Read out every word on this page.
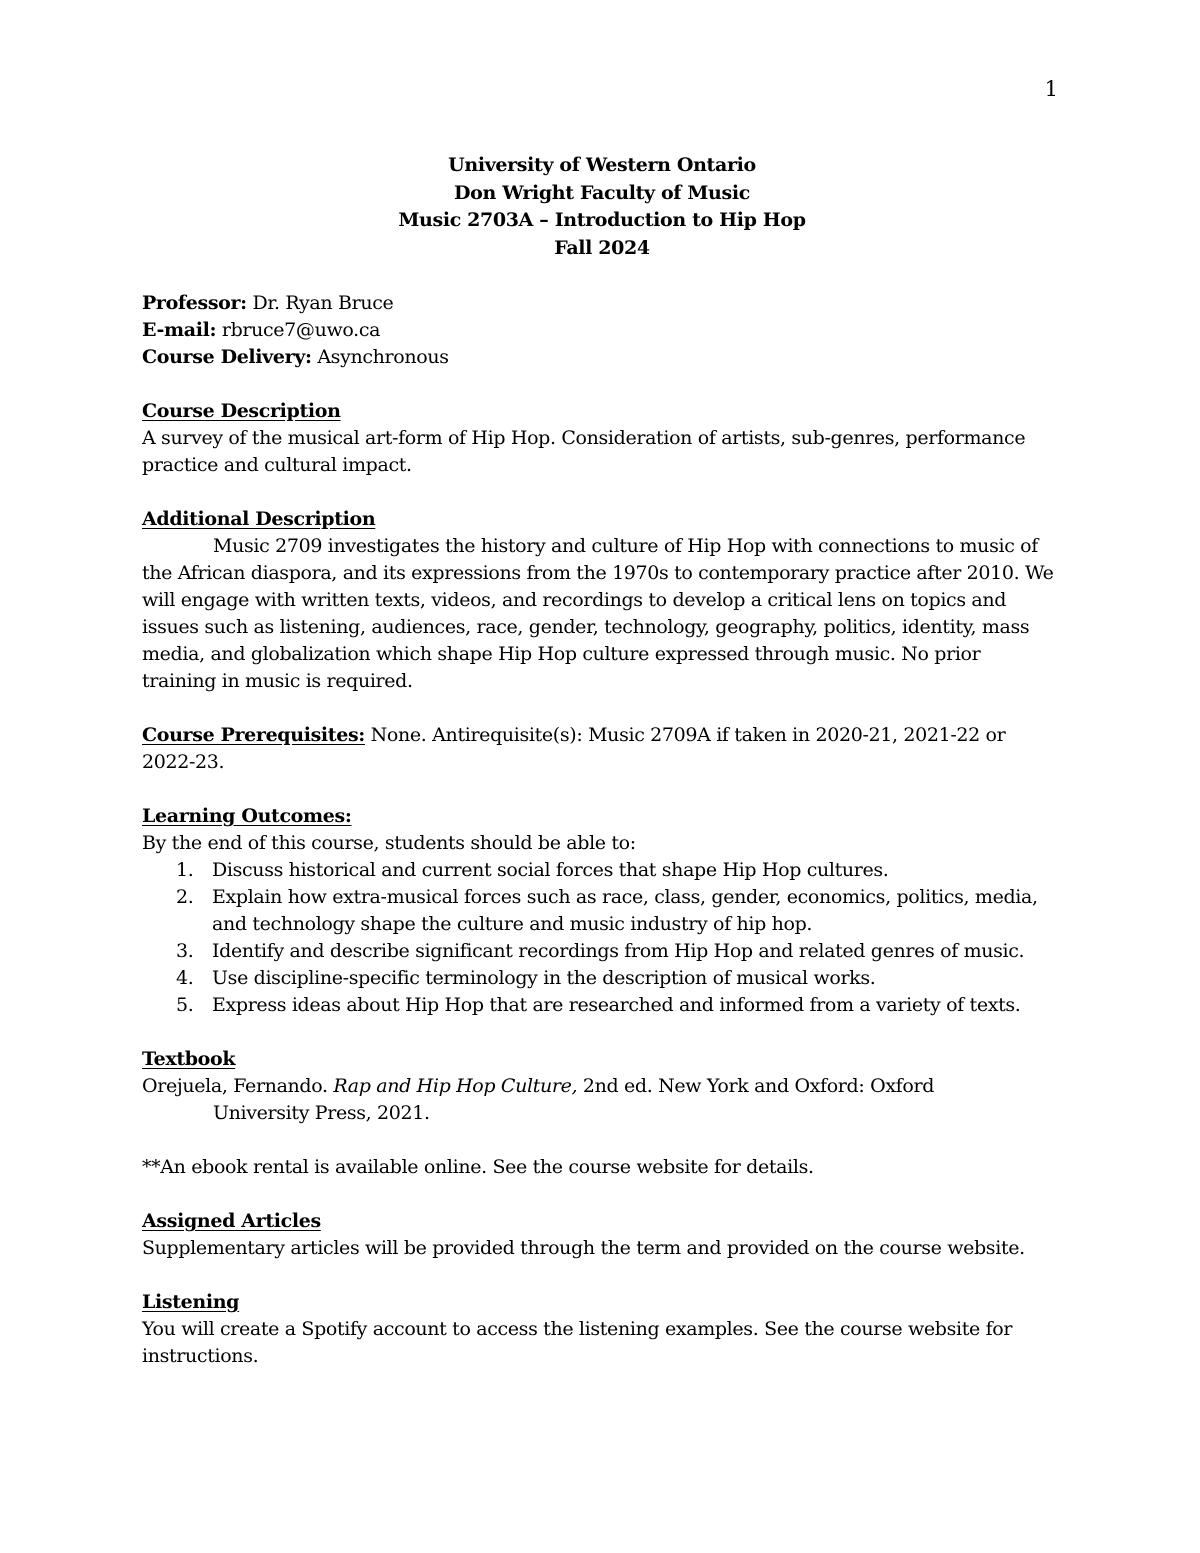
1
University of Western Ontario
Don Wright Faculty of Music
Music 2703A – Introduction to Hip Hop
Fall 2024
Professor: Dr. Ryan Bruce
E-mail: rbruce7@uwo.ca
Course Delivery: Asynchronous
Course Description
A survey of the musical art-form of Hip Hop. Consideration of artists, sub-genres, performance
practice and cultural impact.
Additional Description
Music 2709 investigates the history and culture of Hip Hop with connections to music of
the African diaspora, and its expressions from the 1970s to contemporary practice after 2010. We
will engage with written texts, videos, and recordings to develop a critical lens on topics and
issues such as listening, audiences, race, gender, technology, geography, politics, identity, mass
media, and globalization which shape Hip Hop culture expressed through music. No prior
training in music is required.
Course Prerequisites: None. Antirequisite(s): Music 2709A if taken in 2020-21, 2021-22 or
2022-23.
Learning Outcomes:
By the end of this course, students should be able to:
1. Discuss historical and current social forces that shape Hip Hop cultures.
2. Explain how extra-musical forces such as race, class, gender, economics, politics, media,
and technology shape the culture and music industry of hip hop.
3. Identify and describe significant recordings from Hip Hop and related genres of music.
4. Use discipline-specific terminology in the description of musical works.
5. Express ideas about Hip Hop that are researched and informed from a variety of texts.
Textbook
Orejuela, Fernando. Rap and Hip Hop Culture, 2nd ed. New York and Oxford: Oxford
University Press, 2021.
**An ebook rental is available online. See the course website for details.
Assigned Articles
Supplementary articles will be provided through the term and provided on the course website.
Listening
You will create a Spotify account to access the listening examples. See the course website for
instructions.
